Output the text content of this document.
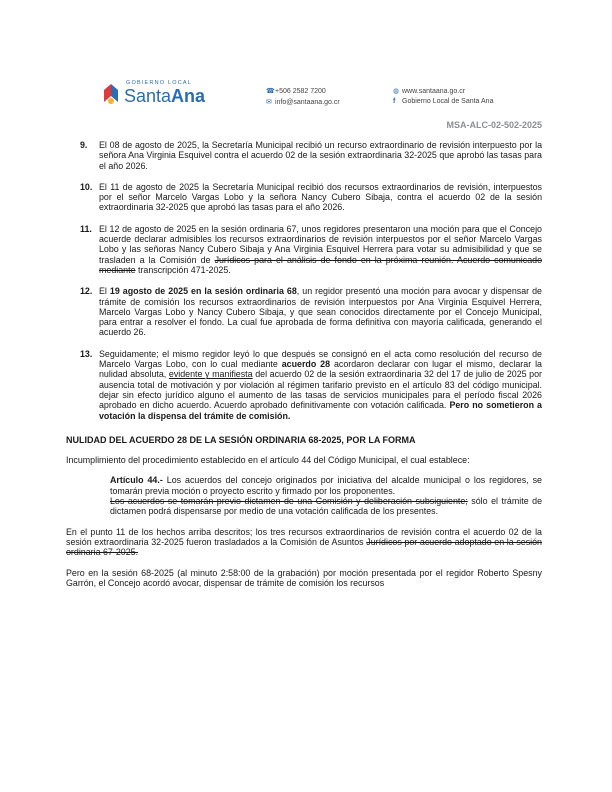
GOBIERNO LOCAL
SantaAna	☎+506 2582 7200
✉ info@santaana.go.cr
◍ www.santaana.go.cr
f Gobierno Local de Santa Ana
MSA-ALC-02-502-2025
9. El 08 de agosto de 2025, la Secretaría Municipal recibió un recurso extraordinario de revisión interpuesto por la señora Ana Virginia Esquivel contra el acuerdo 02 de la sesión extraordinaria 32-2025 que aprobó las tasas para el año 2026.
10. El 11 de agosto de 2025 la Secretaría Municipal recibió dos recursos extraordinarios de revisión, interpuestos por el señor Marcelo Vargas Lobo y la señora Nancy Cubero Sibaja, contra el acuerdo 02 de la sesión extraordinaria 32-2025 que aprobó las tasas para el año 2026.
11. El 12 de agosto de 2025 en la sesión ordinaria 67, unos regidores presentaron una moción para que el Concejo acuerde declarar admisibles los recursos extraordinarios de revisión interpuestos por el señor Marcelo Vargas Lobo y las señoras Nancy Cubero Sibaja y Ana Virginia Esquivel Herrera para votar su admisibilidad y que se trasladen a la Comisión de Jurídicos para el análisis de fondo en la próxima reunión. Acuerdo comunicado mediante transcripción 471-2025.
12. El 19 agosto de 2025 en la sesión ordinaria 68, un regidor presentó una moción para avocar y dispensar de trámite de comisión los recursos extraordinarios de revisión interpuestos por Ana Virginia Esquivel Herrera, Marcelo Vargas Lobo y Nancy Cubero Sibaja, y que sean conocidos directamente por el Concejo Municipal, para entrar a resolver el fondo. La cual fue aprobada de forma definitiva con mayoría calificada, generando el acuerdo 26.
13. Seguidamente; el mismo regidor leyó lo que después se consignó en el acta como resolución del recurso de Marcelo Vargas Lobo, con lo cual mediante acuerdo 28 acordaron declarar con lugar el mismo, declarar la nulidad absoluta, evidente y manifiesta del acuerdo 02 de la sesión extraordinaria 32 del 17 de julio de 2025 por ausencia total de motivación y por violación al régimen tarifario previsto en el artículo 83 del código municipal. dejar sin efecto jurídico alguno el aumento de las tasas de servicios municipales para el período fiscal 2026 aprobado en dicho acuerdo. Acuerdo aprobado definitivamente con votación calificada. Pero no sometieron a votación la dispensa del trámite de comisión.
NULIDAD DEL ACUERDO 28 DE LA SESIÓN ORDINARIA 68-2025, POR LA FORMA

Incumplimiento del procedimiento establecido en el artículo 44 del Código Municipal, el cual establece:

Artículo 44.- Los acuerdos del concejo originados por iniciativa del alcalde municipal o los regidores, se tomarán previa moción o proyecto escrito y firmado por los proponentes.
Los acuerdos se tomarán previo dictamen de una Comisión y deliberación subsiguiente; sólo el trámite de dictamen podrá dispensarse por medio de una votación calificada de los presentes.

En el punto 11 de los hechos arriba descritos; los tres recursos extraordinarios de revisión contra el acuerdo 02 de la sesión extraordinaria 32-2025 fueron trasladados a la Comisión de Asuntos Jurídicos por acuerdo adoptado en la sesión ordinaria 67-2025.

Pero en la sesión 68-2025 (al minuto 2:58:00 de la grabación) por moción presentada por el regidor Roberto Spesny Garrón, el Concejo acordó avocar, dispensar de trámite de comisión los recursos
